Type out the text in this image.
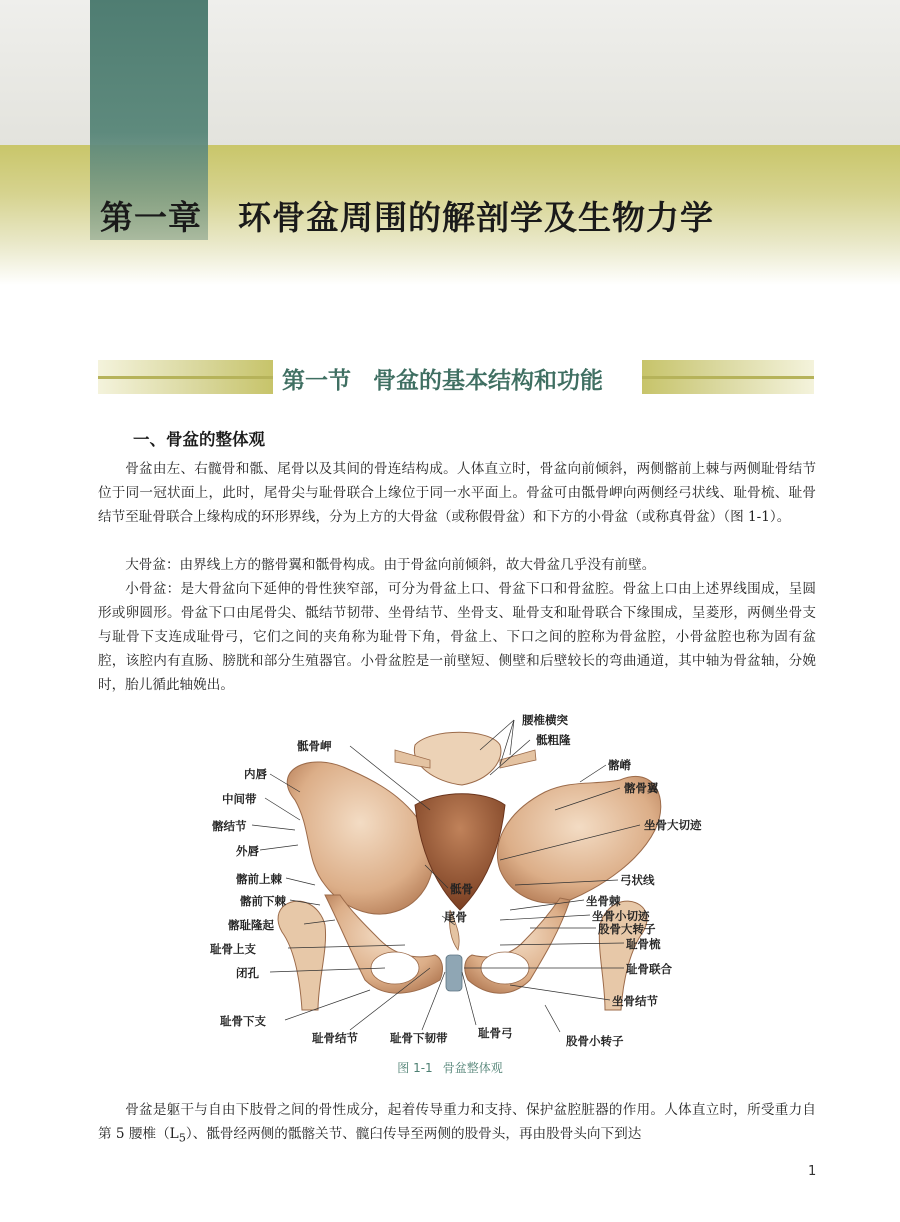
第一章 环骨盆周围的解剖学及生物力学
第一节 骨盆的基本结构和功能
一、骨盆的整体观

骨盆由左、右髋骨和骶、尾骨以及其间的骨连结构成。人体直立时，骨盆向前倾斜，两侧髂前上棘与两侧耻骨结节位于同一冠状面上，此时，尾骨尖与耻骨联合上缘位于同一水平面上。骨盆可由骶骨岬向两侧经弓状线、耻骨梳、耻骨结节至耻骨联合上缘构成的环形界线，分为上方的大骨盆（或称假骨盆）和下方的小骨盆（或称真骨盆）（图 1-1）。

大骨盆：由界线上方的髂骨翼和骶骨构成。由于骨盆向前倾斜，故大骨盆几乎没有前壁。

小骨盆：是大骨盆向下延伸的骨性狭窄部，可分为骨盆上口、骨盆下口和骨盆腔。骨盆上口由上述界线围成，呈圆形或卵圆形。骨盆下口由尾骨尖、骶结节韧带、坐骨结节、坐骨支、耻骨支和耻骨联合下缘围成，呈菱形，两侧坐骨支与耻骨下支连成耻骨弓，它们之间的夹角称为耻骨下角，骨盆上、下口之间的腔称为骨盆腔，小骨盆腔也称为固有盆腔，该腔内有直肠、膀胱和部分生殖器官。小骨盆腔是一前壁短、侧壁和后壁较长的弯曲通道，其中轴为骨盆轴，分娩时，胎儿循此轴娩出。

腰椎横突
骶粗隆
骶骨岬
髂嵴
内唇
髂骨翼
中间带
坐骨大切迹
髂结节
外唇
弓状线
髂前上棘
骶骨
坐骨棘
髂前下棘
尾骨	坐骨小切迹
髂耻隆起	股骨大转子
耻骨上支	耻骨梳
闭孔	耻骨联合
坐骨结节
耻骨下支
耻骨结节	耻骨下韧带	耻骨弓
股骨小转子
图 1-1 骨盆整体观

骨盆是躯干与自由下肢骨之间的骨性成分，起着传导重力和支持、保护盆腔脏器的作用。人体直立时，所受重力自第 5 腰椎$(L_5)$、骶骨经两侧的骶髂关节、髋臼传导至两侧的股骨头，再由股骨头向下到达

1
